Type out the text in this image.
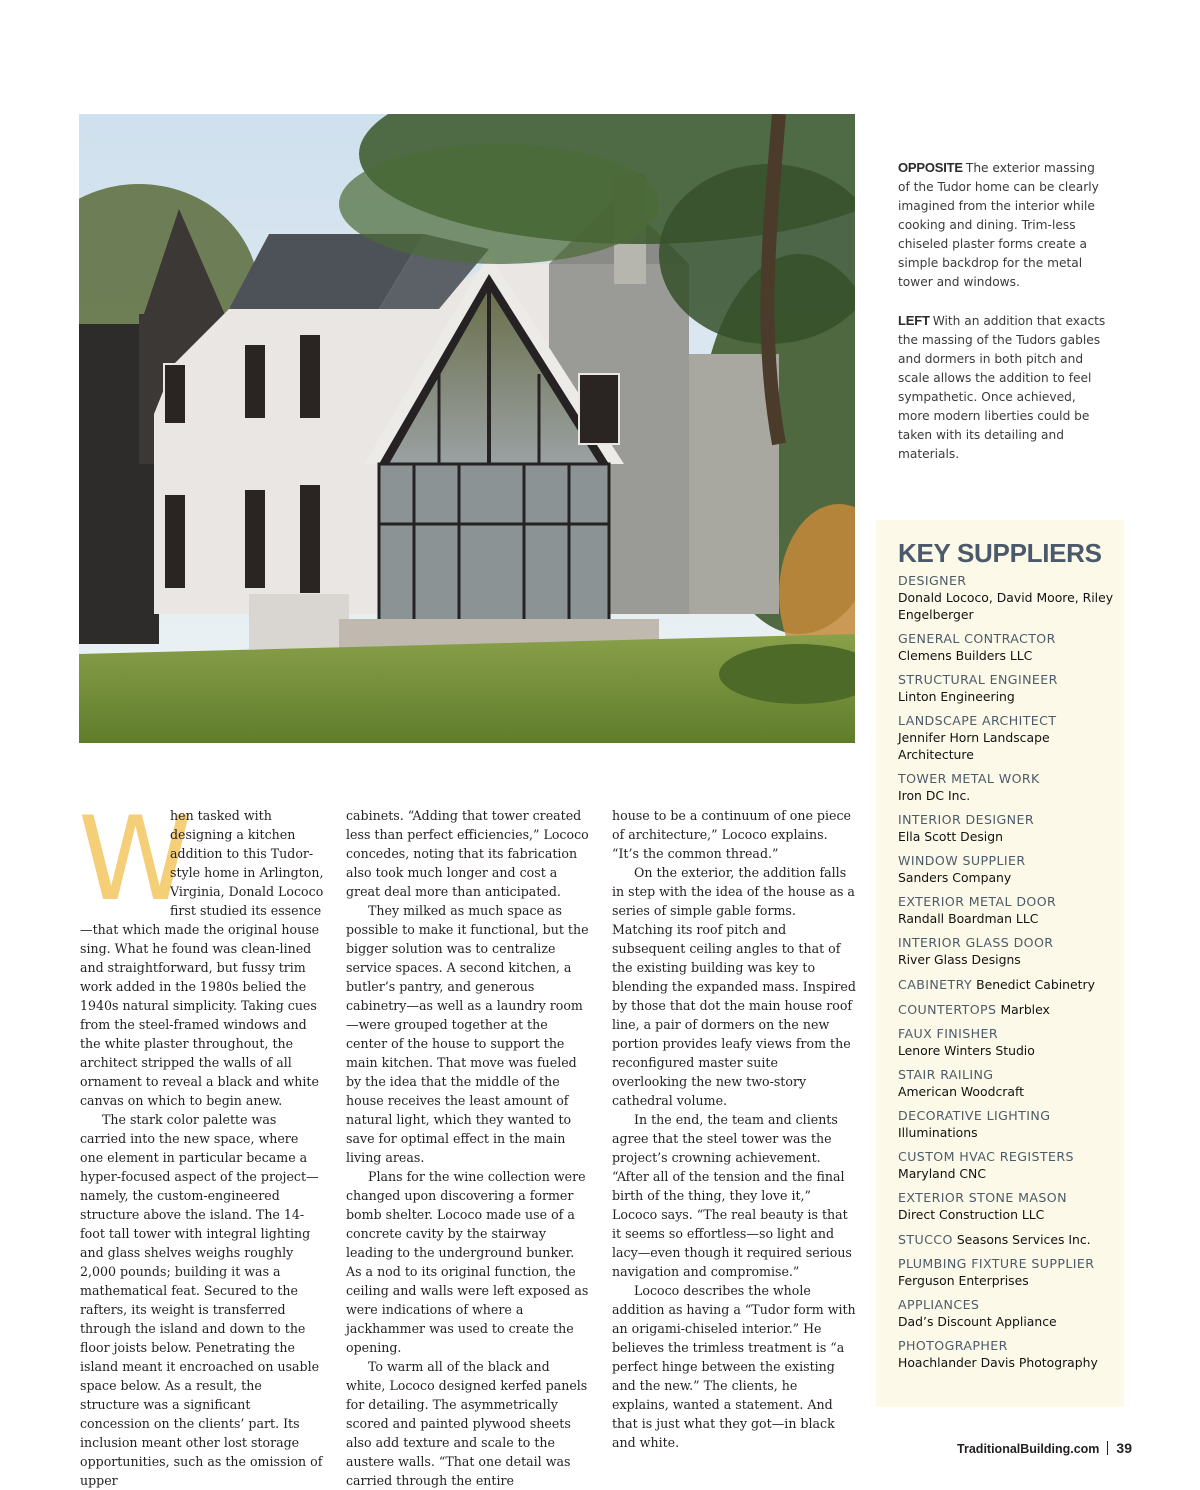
OPPOSITE The exterior massing of the Tudor home can be clearly imagined from the interior while cooking and dining. Trim-less chiseled plaster forms create a simple backdrop for the metal tower and windows.

LEFT With an addition that exacts the massing of the Tudors gables and dormers in both pitch and scale allows the addition to feel sympathetic. Once achieved, more modern liberties could be taken with its detailing and materials.

KEY SUPPLIERS
DESIGNER
Donald Lococo, David Moore, Riley Engelberger
GENERAL CONTRACTOR
Clemens Builders LLC
STRUCTURAL ENGINEER
Linton Engineering
LANDSCAPE ARCHITECT
Jennifer Horn Landscape Architecture
TOWER METAL WORK
Iron DC Inc.
INTERIOR DESIGNER
Ella Scott Design
WINDOW SUPPLIER
Sanders Company
EXTERIOR METAL DOOR
Randall Boardman LLC
INTERIOR GLASS DOOR
River Glass Designs
CABINETRY Benedict Cabinetry
COUNTERTOPS Marblex
FAUX FINISHER
Lenore Winters Studio
STAIR RAILING
American Woodcraft
DECORATIVE LIGHTING
Illuminations
CUSTOM HVAC REGISTERS
Maryland CNC
EXTERIOR STONE MASON
Direct Construction LLC
STUCCO Seasons Services Inc.
PLUMBING FIXTURE SUPPLIER
Ferguson Enterprises
APPLIANCES
Dad’s Discount Appliance
PHOTOGRAPHER
Hoachlander Davis Photography

W
hen tasked with designing a kitchen addition to this Tudor-style home in Arlington, Virginia, Donald Lococo first studied its essence—that which made the original house sing. What he found was clean-lined and straightforward, but fussy trim work added in the 1980s belied the 1940s natural simplicity. Taking cues from the steel-framed windows and the white plaster throughout, the architect stripped the walls of all ornament to reveal a black and white canvas on which to begin anew.

The stark color palette was carried into the new space, where one element in particular became a hyper-focused aspect of the project—namely, the custom-engineered structure above the island. The 14-foot tall tower with integral lighting and glass shelves weighs roughly 2,000 pounds; building it was a mathematical feat. Secured to the rafters, its weight is transferred through the island and down to the floor joists below. Penetrating the island meant it encroached on usable space below. As a result, the structure was a significant concession on the clients’ part. Its inclusion meant other lost storage opportunities, such as the omission of upper

cabinets. “Adding that tower created less than perfect efficiencies,” Lococo concedes, noting that its fabrication also took much longer and cost a great deal more than anticipated.

They milked as much space as possible to make it functional, but the bigger solution was to centralize service spaces. A second kitchen, a butler’s pantry, and generous cabinetry—as well as a laundry room—were grouped together at the center of the house to support the main kitchen. That move was fueled by the idea that the middle of the house receives the least amount of natural light, which they wanted to save for optimal effect in the main living areas.

Plans for the wine collection were changed upon discovering a former bomb shelter. Lococo made use of a concrete cavity by the stairway leading to the underground bunker. As a nod to its original function, the ceiling and walls were left exposed as were indications of where a jackhammer was used to create the opening.

To warm all of the black and white, Lococo designed kerfed panels for detailing. The asymmetrically scored and painted plywood sheets also add texture and scale to the austere walls. “That one detail was carried through the entire

house to be a continuum of one piece of architecture,” Lococo explains. “It’s the common thread.”

On the exterior, the addition falls in step with the idea of the house as a series of simple gable forms. Matching its roof pitch and subsequent ceiling angles to that of the existing building was key to blending the expanded mass. Inspired by those that dot the main house roof line, a pair of dormers on the new portion provides leafy views from the reconfigured master suite overlooking the new two-story cathedral volume.

In the end, the team and clients agree that the steel tower was the project’s crowning achievement. “After all of the tension and the final birth of the thing, they love it,” Lococo says. “The real beauty is that it seems so effortless—so light and lacy—even though it required serious navigation and compromise.”

Lococo describes the whole addition as having a “Tudor form with an origami-chiseled interior.” He believes the trimless treatment is “a perfect hinge between the existing and the new.” The clients, he explains, wanted a statement. And that is just what they got—in black and white.	TraditionalBuilding.com 39
